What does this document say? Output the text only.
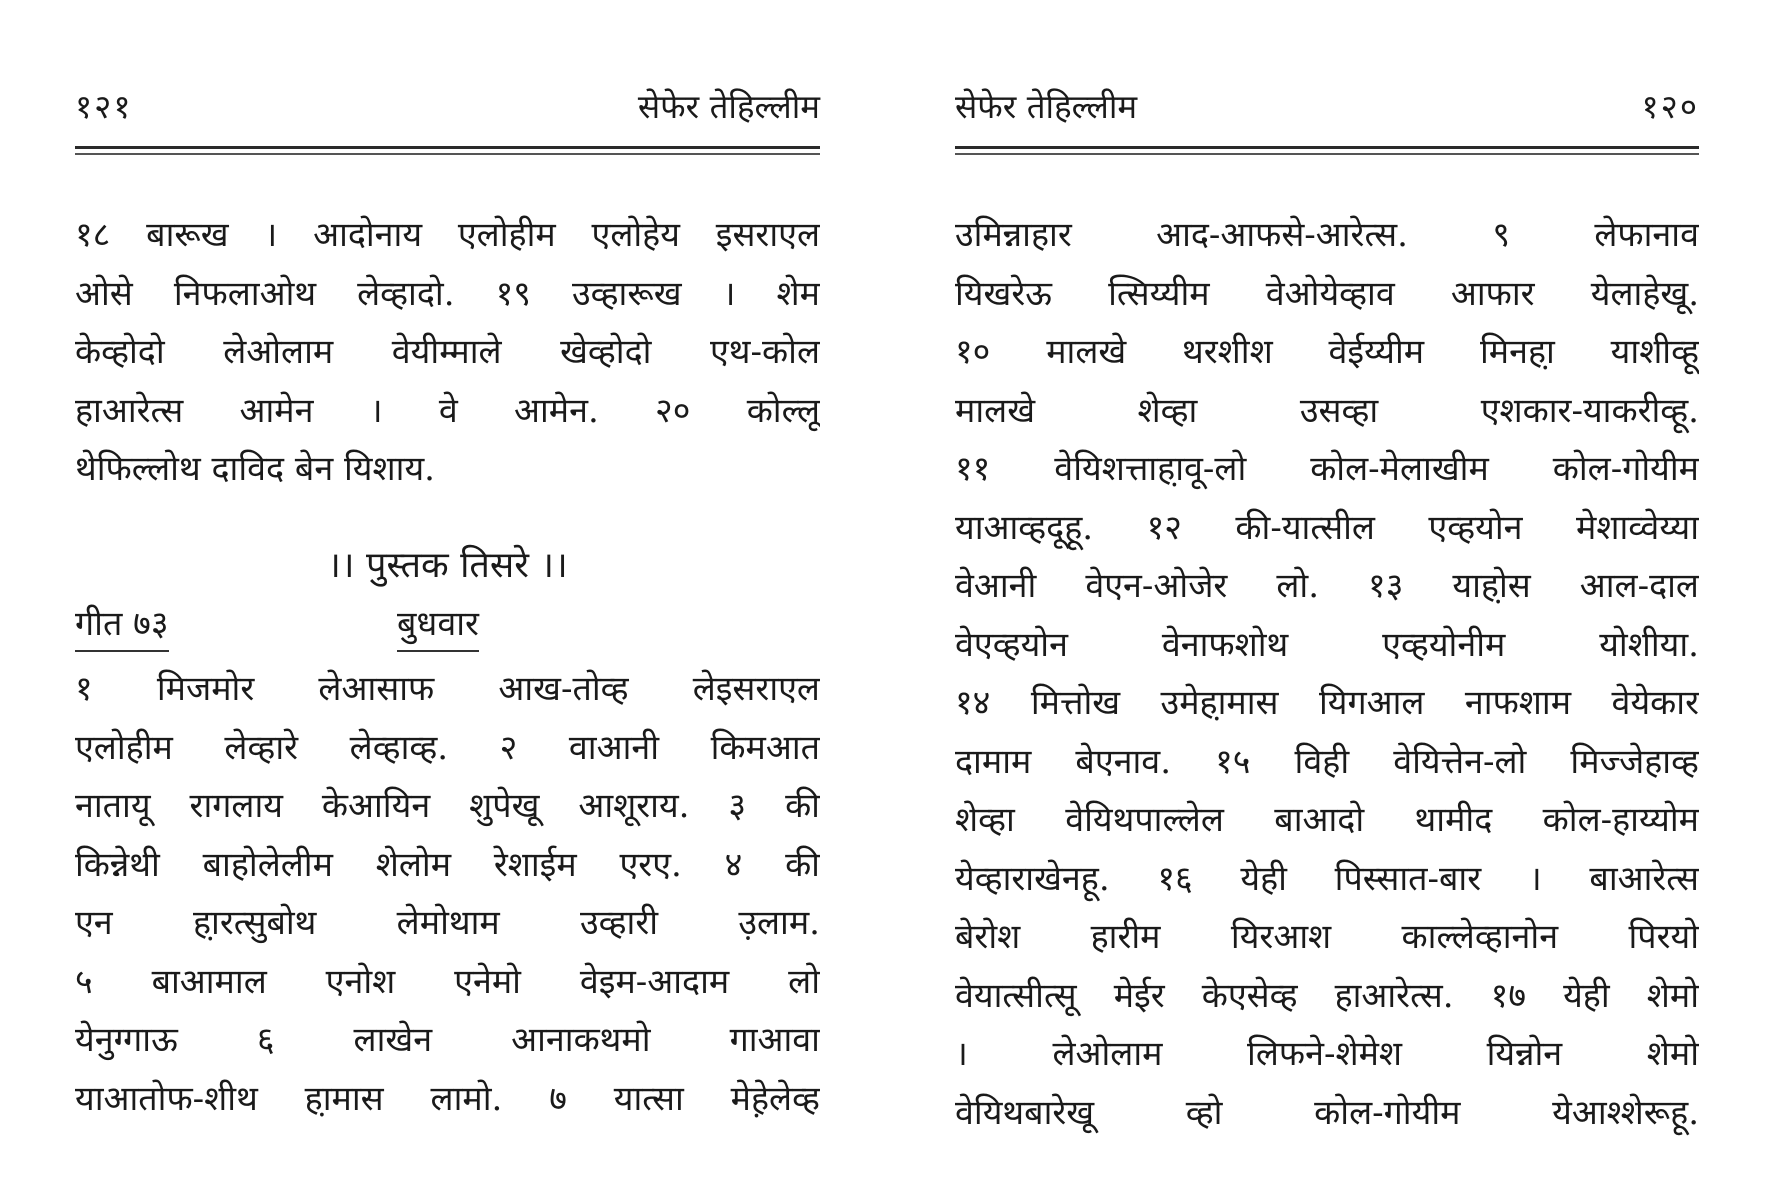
१२१	सेफेर तेहिल्लीम
१८ बारूख । आदोनाय एलोहीम एलोहेय इसराएल
ओसे निफलाओथ लेव्हादो. १९ उव्हारूख । शेम
केव्होदो लेओलाम वेयीम्माले खेव्होदो एथ-कोल
हाआरेत्स आमेन । वे आमेन. २० कोल्लू
थेफिल्लोथ दाविद बेन यिशाय.
।। पुस्तक तिसरे ।।
गीत ७३	बुधवार
१ मिजमोर लेआसाफ आख-तोव्ह लेइसराएल
एलोहीम लेव्हारे लेव्हाव्ह. २ वाआनी किमआत
नातायू रागलाय केआयिन शुपेखू आशूराय. ३ की
किन्नेथी बाहोलेलीम शेलोम रेशाईम एरए. ४ की
एन हा़रत्सुबोथ लेमोथाम उव्हारी उ़लाम.
५ बाआमाल एनोश एनेमो वेइम-आदाम लो
येनुग्गाऊ ६ लाखेन आनाकथमो गाआवा
याआतोफ-शीथ हा़मास लामो. ७ यात्सा मेहे़लेव्ह
सेफेर तेहिल्लीम	१२०
उमिन्नाहार आद-आफसे-आरेत्स. ९ लेफानाव
यिखरेऊ त्सिय्यीम वेओयेव्हाव आफार येलाहेखू.
१० मालखे थरशीश वेईय्यीम मिनहा़ याशीव्हू
मालखे शेव्हा उसव्हा एशकार-याकरीव्हू.
११ वेयिशत्ताहा़वू-लो कोल-मेलाखीम कोल-गोयीम
याआव्हदूहू. १२ की-यात्सील एव्हयोन मेशाव्वेय्या
वेआनी वेएन-ओजेर लो. १३ याहो़स आल-दाल
वेएव्हयोन वेनाफशोथ एव्हयोनीम योशीया.
१४ मित्तोख उमेहा़मास यिगआल नाफशाम वेयेकार
दामाम बेएनाव. १५ विही वेयित्तेन-लो मिज्जेहाव्ह
शेव्हा वेयिथपाल्लेल बाआदो थामीद कोल-हाय्योम
येव्हाराखेनहू. १६ येही पिस्सात-बार । बाआरेत्स
बेरोश हारीम यिरआश काल्लेव्हानोन पिरयो
वेयात्सीत्सू मेईर केएसेव्ह हाआरेत्स. १७ येही शेमो
। लेओलाम लिफने-शेमेश यिन्नोन शेमो
वेयिथबारेखू व्हो कोल-गोयीम येआश्शेरूहू.
